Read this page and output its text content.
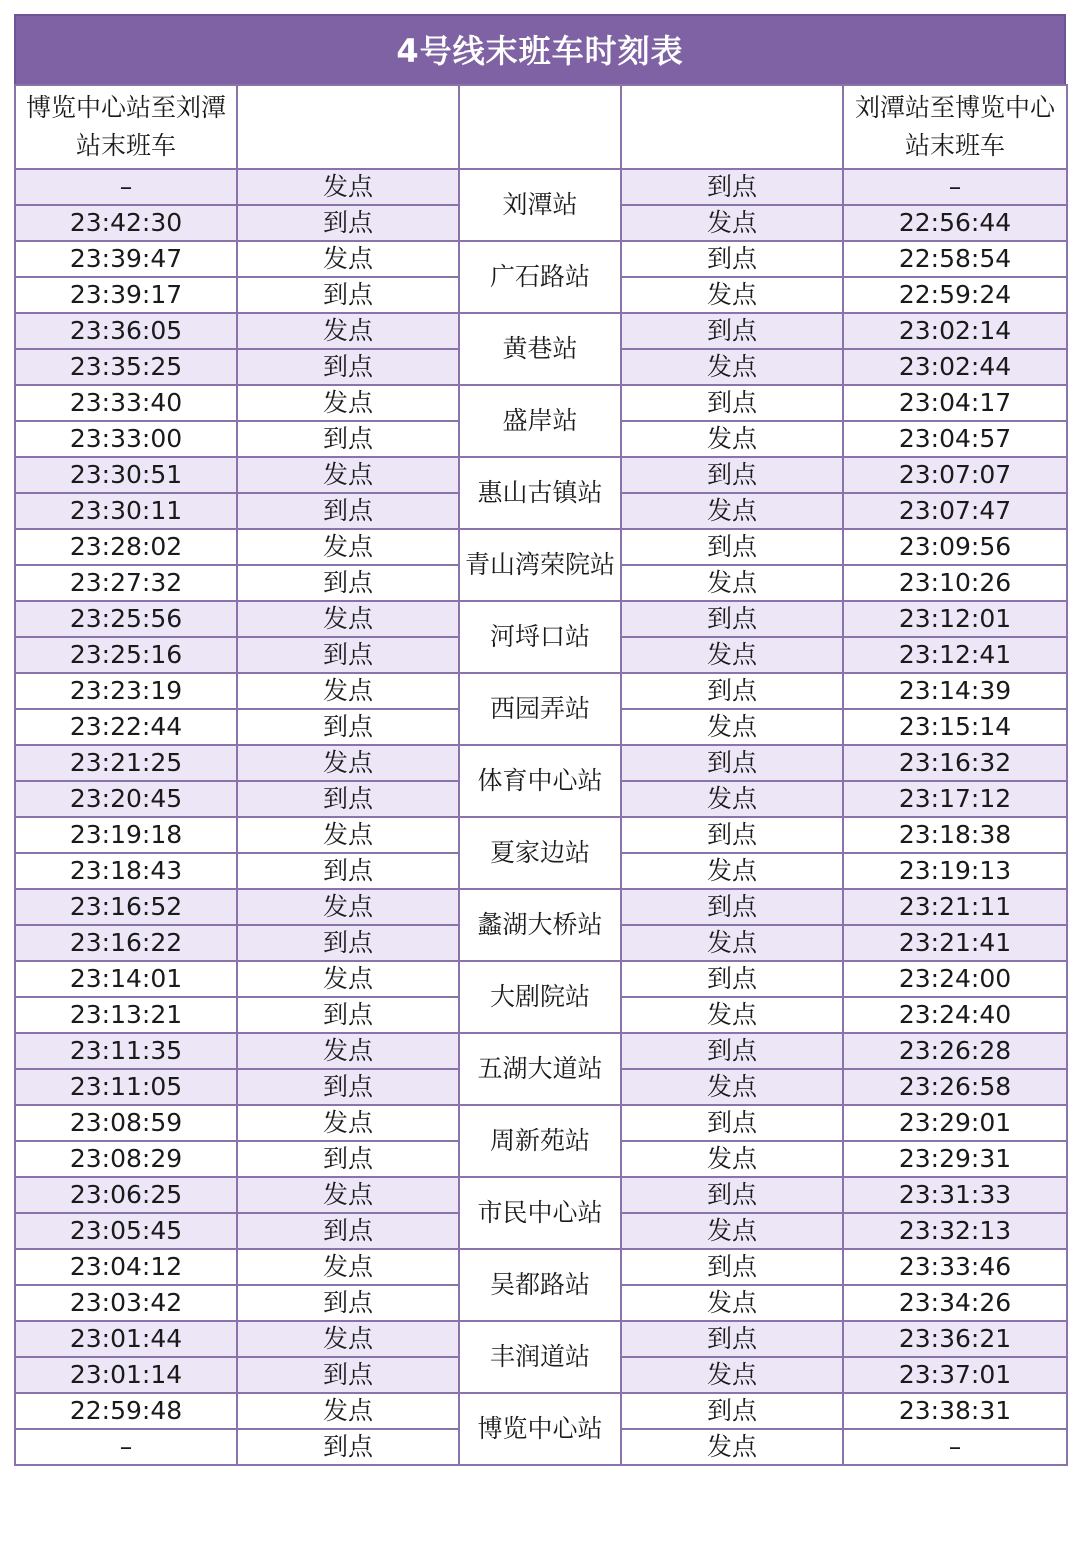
4号线末班车时刻表
博览中心站至刘潭站末班车				刘潭站至博览中心站末班车
–	发点	刘潭站	到点	–
23:42:30	到点		发点	22:56:44
23:39:47	发点	广石路站	到点	22:58:54
23:39:17	到点		发点	22:59:24
23:36:05	发点	黄巷站	到点	23:02:14
23:35:25	到点		发点	23:02:44
23:33:40	发点	盛岸站	到点	23:04:17
23:33:00	到点		发点	23:04:57
23:30:51	发点	惠山古镇站	到点	23:07:07
23:30:11	到点		发点	23:07:47
23:28:02	发点	青山湾荣院站	到点	23:09:56
23:27:32	到点		发点	23:10:26
23:25:56	发点	河埒口站	到点	23:12:01
23:25:16	到点		发点	23:12:41
23:23:19	发点	西园弄站	到点	23:14:39
23:22:44	到点		发点	23:15:14
23:21:25	发点	体育中心站	到点	23:16:32
23:20:45	到点		发点	23:17:12
23:19:18	发点	夏家边站	到点	23:18:38
23:18:43	到点		发点	23:19:13
23:16:52	发点	蠡湖大桥站	到点	23:21:11
23:16:22	到点		发点	23:21:41
23:14:01	发点	大剧院站	到点	23:24:00
23:13:21	到点		发点	23:24:40
23:11:35	发点	五湖大道站	到点	23:26:28
23:11:05	到点		发点	23:26:58
23:08:59	发点	周新苑站	到点	23:29:01
23:08:29	到点		发点	23:29:31
23:06:25	发点	市民中心站	到点	23:31:33
23:05:45	到点		发点	23:32:13
23:04:12	发点	吴都路站	到点	23:33:46
23:03:42	到点		发点	23:34:26
23:01:44	发点	丰润道站	到点	23:36:21
23:01:14	到点		发点	23:37:01
22:59:48	发点	博览中心站	到点	23:38:31
–	到点		发点	–
